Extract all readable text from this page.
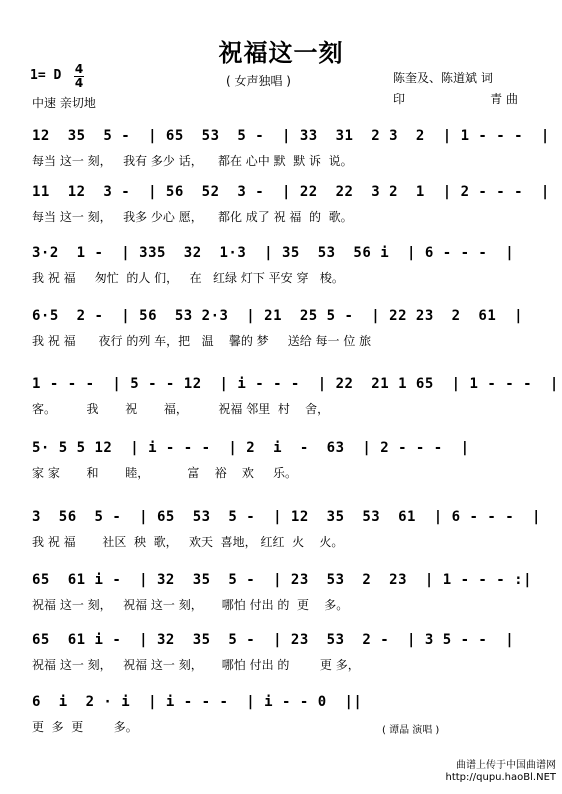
祝福这一刻
( 女声独唱 )
1= D 4
4
中速 亲切地
陈奎及、陈道斌 词
印	青 曲
12  35  5 -  | 65  53  5 -  | 33  31  2 3  2  | 1 - - -  |
每当 这一 刻，   我有 多少 话，    都在 心中 默  默 诉  说。
11  12  3 -  | 56  52  3 -  | 22  22  3 2  1  | 2 - - -  |
每当 这一 刻，   我多 少心 愿，    都化 成了 祝 福  的  歌。
3·2  1 -  | 335  32  1·3  | 35  53  56 i  | 6 - - -  |
我 祝 福     匆忙  的人 们，   在   红绿 灯下 平安 穿   梭。
6·5  2 -  | 56  53 2·3  | 21  25 5 -  | 22 23  2  61  |
我 祝 福      夜行 的列 车，把   温    馨的 梦     送给 每一 位 旅
1 - - -  | 5 - - 12  | i - - -  | 22  21 1 65  | 1 - - -  |
客。        我       祝       福，        祝福 邻里  村    舍，
5· 5 5 12  | i - - -  | 2  i  -  63  | 2 - - -  |
家 家       和       睦，          富    裕    欢     乐。
3  56  5 -  | 65  53  5 -  | 12  35  53  61  | 6 - - -  |
我 祝 福       社区  秧  歌，   欢天  喜地， 红红  火    火。
65  61 i -  | 32  35  5 -  | 23  53  2  23  | 1 - - - :|
祝福 这一 刻，   祝福 这一 刻，     哪怕 付出 的  更    多。
65  61 i -  | 32  35  5 -  | 23  53  2 -  | 3 5 - -  |
祝福 这一 刻，   祝福 这一 刻，     哪怕 付出 的        更 多，
6  i  2 · i  | i - - -  | i - - 0  ||
更  多  更        多。	( 谭晶 演唱 )
曲谱上传于中国曲谱网
http://qupu.haoBl.NET
